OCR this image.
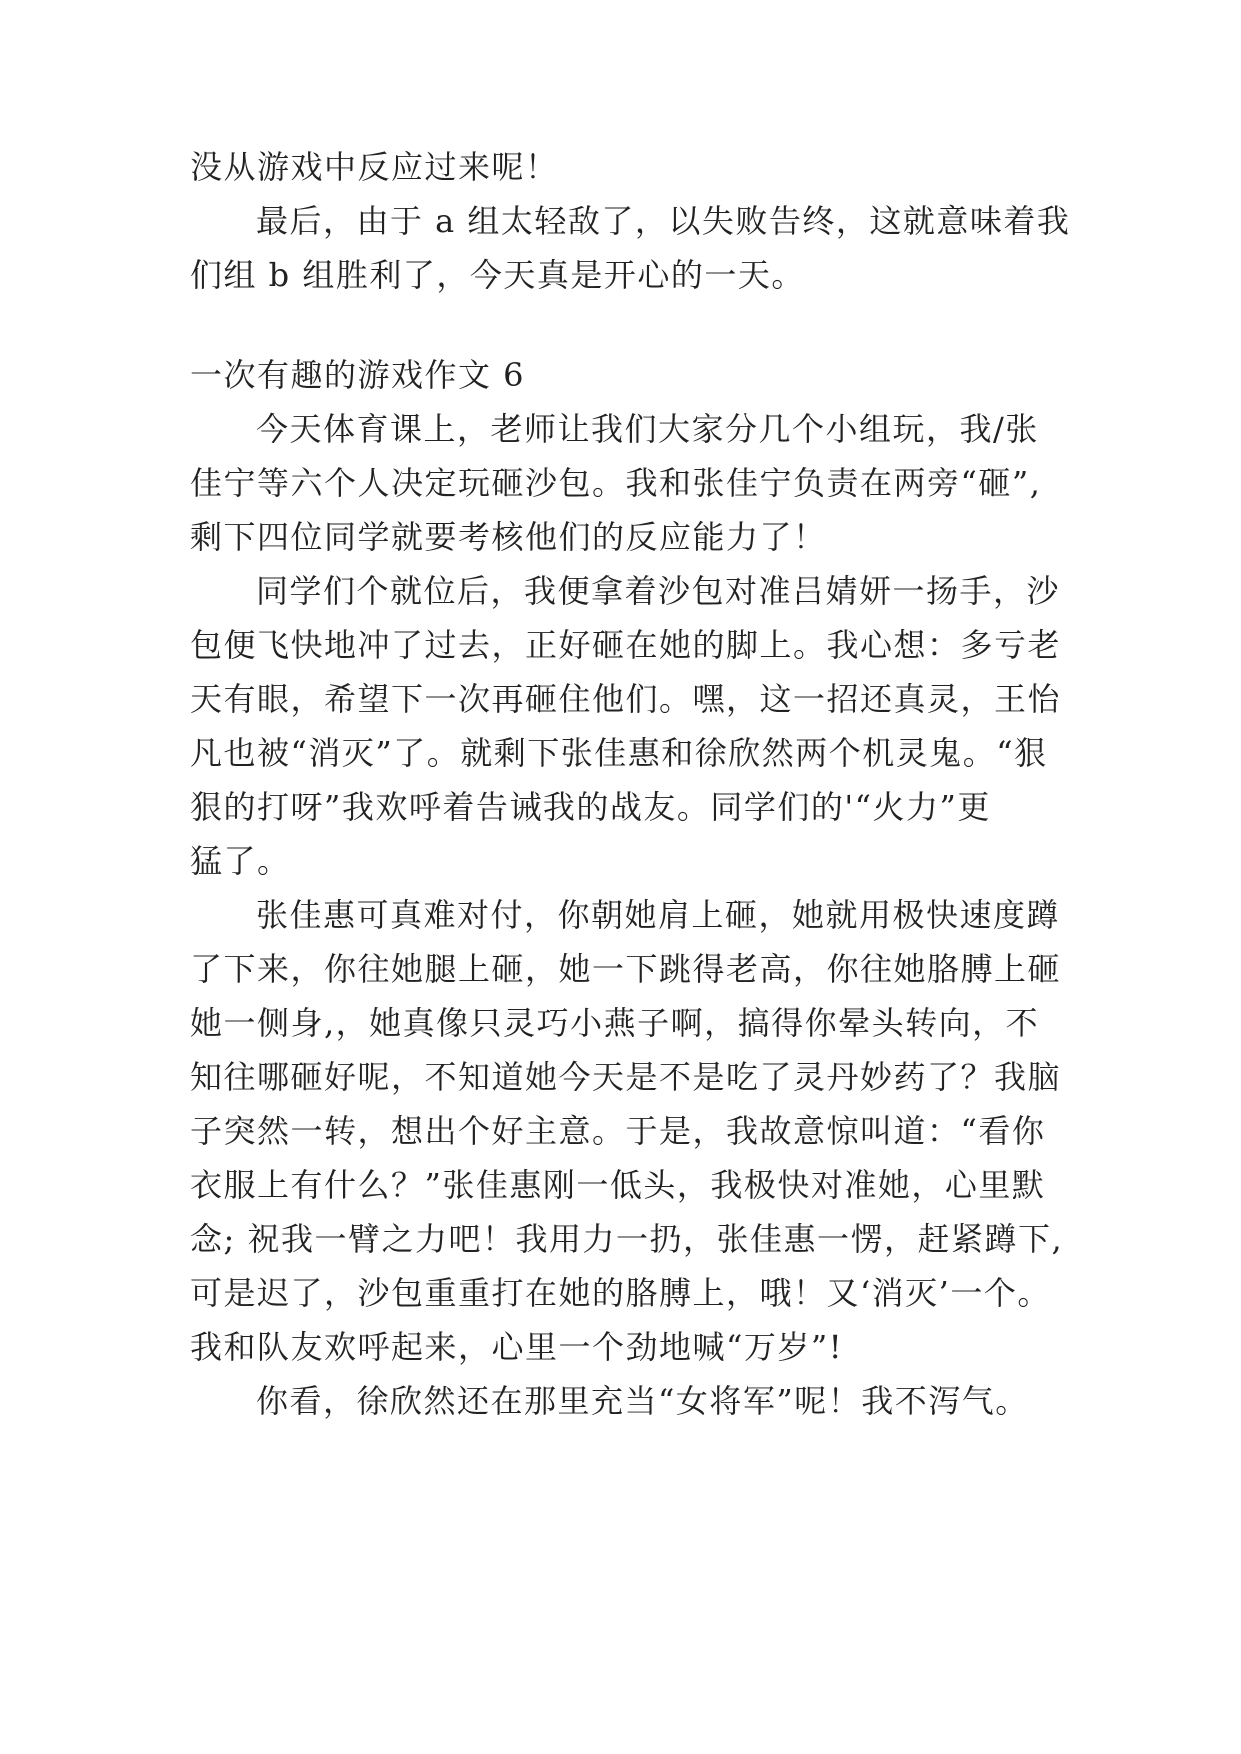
没从游戏中反应过来呢！

最后，由于 a 组太轻敌了，以失败告终，这就意味着我

们组 b 组胜利了，今天真是开心的一天。

一次有趣的游戏作文 6

今天体育课上，老师让我们大家分几个小组玩，我/张

佳宁等六个人决定玩砸沙包。我和张佳宁负责在两旁“砸”,

剩下四位同学就要考核他们的反应能力了！

同学们个就位后，我便拿着沙包对准吕婧妍一扬手，沙

包便飞快地冲了过去，正好砸在她的脚上。我心想：多亏老

天有眼，希望下一次再砸住他们。嘿，这一招还真灵，王怡

凡也被“消灭”了。就剩下张佳惠和徐欣然两个机灵鬼。“狠

狠的打呀”我欢呼着告诫我的战友。同学们的'“火力”更

猛了。

张佳惠可真难对付，你朝她肩上砸，她就用极快速度蹲

了下来，你往她腿上砸，她一下跳得老高，你往她胳膊上砸

她一侧身,，她真像只灵巧小燕子啊，搞得你晕头转向，不

知往哪砸好呢，不知道她今天是不是吃了灵丹妙药了？我脑

子突然一转，想出个好主意。于是，我故意惊叫道：“看你

衣服上有什么？”张佳惠刚一低头，我极快对准她，心里默

念; 祝我一臂之力吧！我用力一扔，张佳惠一愣，赶紧蹲下,

可是迟了，沙包重重打在她的胳膊上，哦！又‘消灭’一个。

我和队友欢呼起来，心里一个劲地喊“万岁”!

你看，徐欣然还在那里充当“女将军”呢！我不泻气。
